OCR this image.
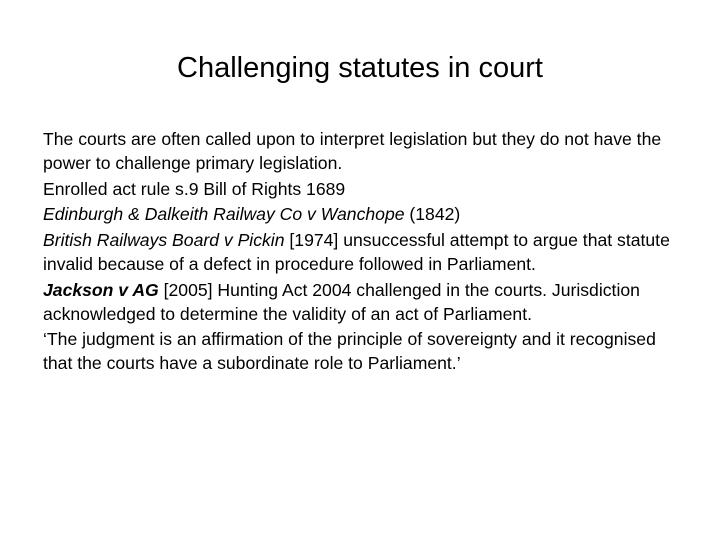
Challenging statutes in court

The courts are often called upon to interpret legislation but they do not have the power to challenge primary legislation.

Enrolled act rule s.9 Bill of Rights 1689

Edinburgh & Dalkeith Railway Co v Wanchope (1842)

British Railways Board v Pickin [1974] unsuccessful attempt to argue that statute invalid because of a defect in procedure followed in Parliament.

Jackson v AG [2005] Hunting Act 2004 challenged in the courts. Jurisdiction acknowledged to determine the validity of an act of Parliament.

‘The judgment is an affirmation of the principle of sovereignty and it recognised that the courts have a subordinate role to Parliament.’
